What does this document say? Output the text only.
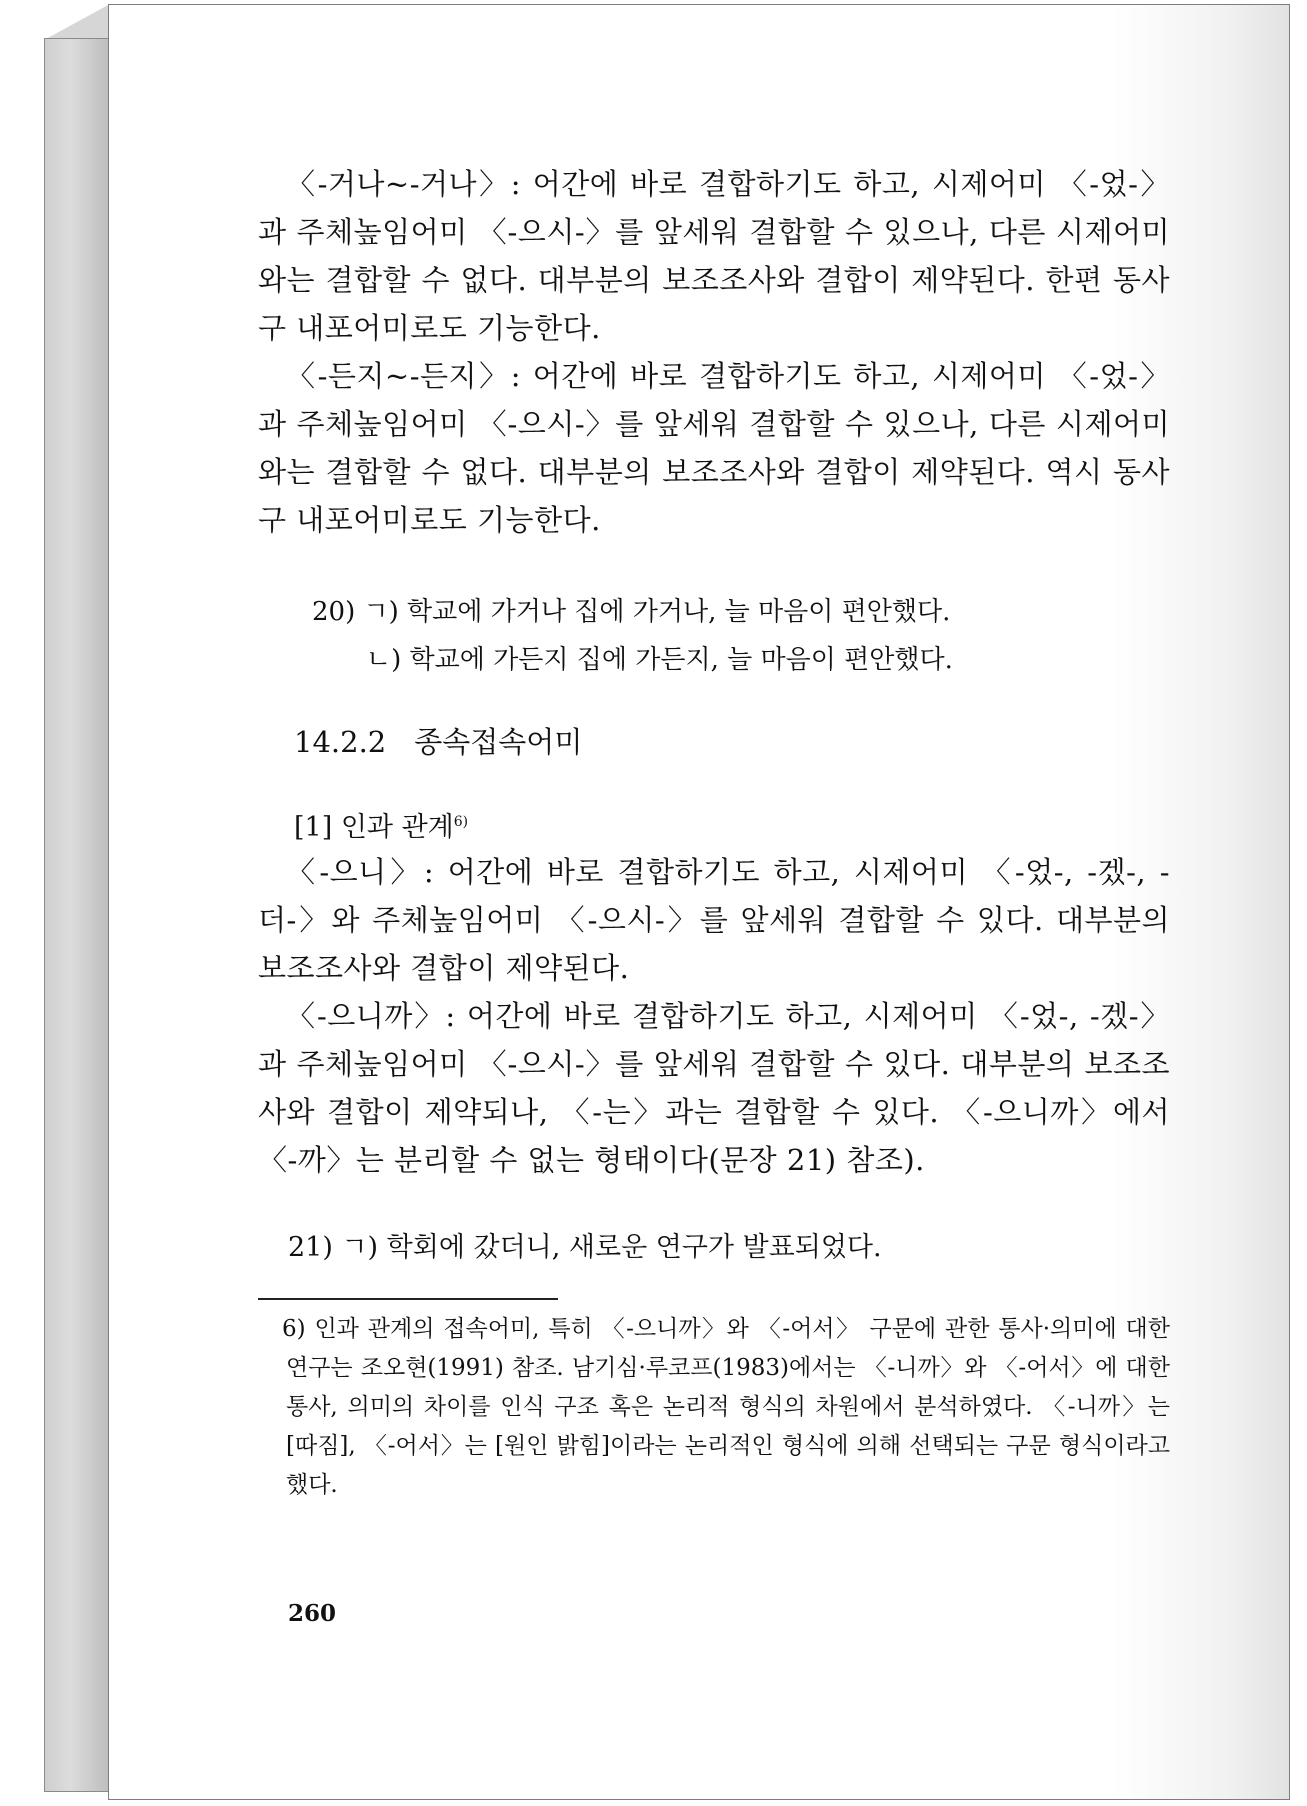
〈-거나~-거나〉: 어간에 바로 결합하기도 하고, 시제어미 〈-었-〉과 주체높임어미 〈-으시-〉를 앞세워 결합할 수 있으나, 다른 시제어미와는 결합할 수 없다. 대부분의 보조조사와 결합이 제약된다. 한편 동사구 내포어미로도 기능한다.

〈-든지~-든지〉: 어간에 바로 결합하기도 하고, 시제어미 〈-었-〉과 주체높임어미 〈-으시-〉를 앞세워 결합할 수 있으나, 다른 시제어미와는 결합할 수 없다. 대부분의 보조조사와 결합이 제약된다. 역시 동사구 내포어미로도 기능한다.

20) ㄱ) 학교에 가거나 집에 가거나, 늘 마음이 편안했다.
ㄴ) 학교에 가든지 집에 가든지, 늘 마음이 편안했다.
14.2.2 종속접속어미
[1] 인과 관계$^{6)}$

〈-으니〉: 어간에 바로 결합하기도 하고, 시제어미 〈-었-, -겠-, -더-〉와 주체높임어미 〈-으시-〉를 앞세워 결합할 수 있다. 대부분의 보조조사와 결합이 제약된다.

〈-으니까〉: 어간에 바로 결합하기도 하고, 시제어미 〈-었-, -겠-〉과 주체높임어미 〈-으시-〉를 앞세워 결합할 수 있다. 대부분의 보조조사와 결합이 제약되나, 〈-는〉과는 결합할 수 있다. 〈-으니까〉에서 〈-까〉는 분리할 수 없는 형태이다(문장 21) 참조).

21) ㄱ) 학회에 갔더니, 새로운 연구가 발표되었다.

6) 인과 관계의 접속어미, 특히 〈-으니까〉와 〈-어서〉 구문에 관한 통사·의미에 대한 연구는 조오현(1991) 참조. 남기심·루코프(1983)에서는 〈-니까〉와 〈-어서〉에 대한 통사, 의미의 차이를 인식 구조 혹은 논리적 형식의 차원에서 분석하였다. 〈-니까〉는 [따짐], 〈-어서〉는 [원인 밝힘]이라는 논리적인 형식에 의해 선택되는 구문 형식이라고 했다.

260
